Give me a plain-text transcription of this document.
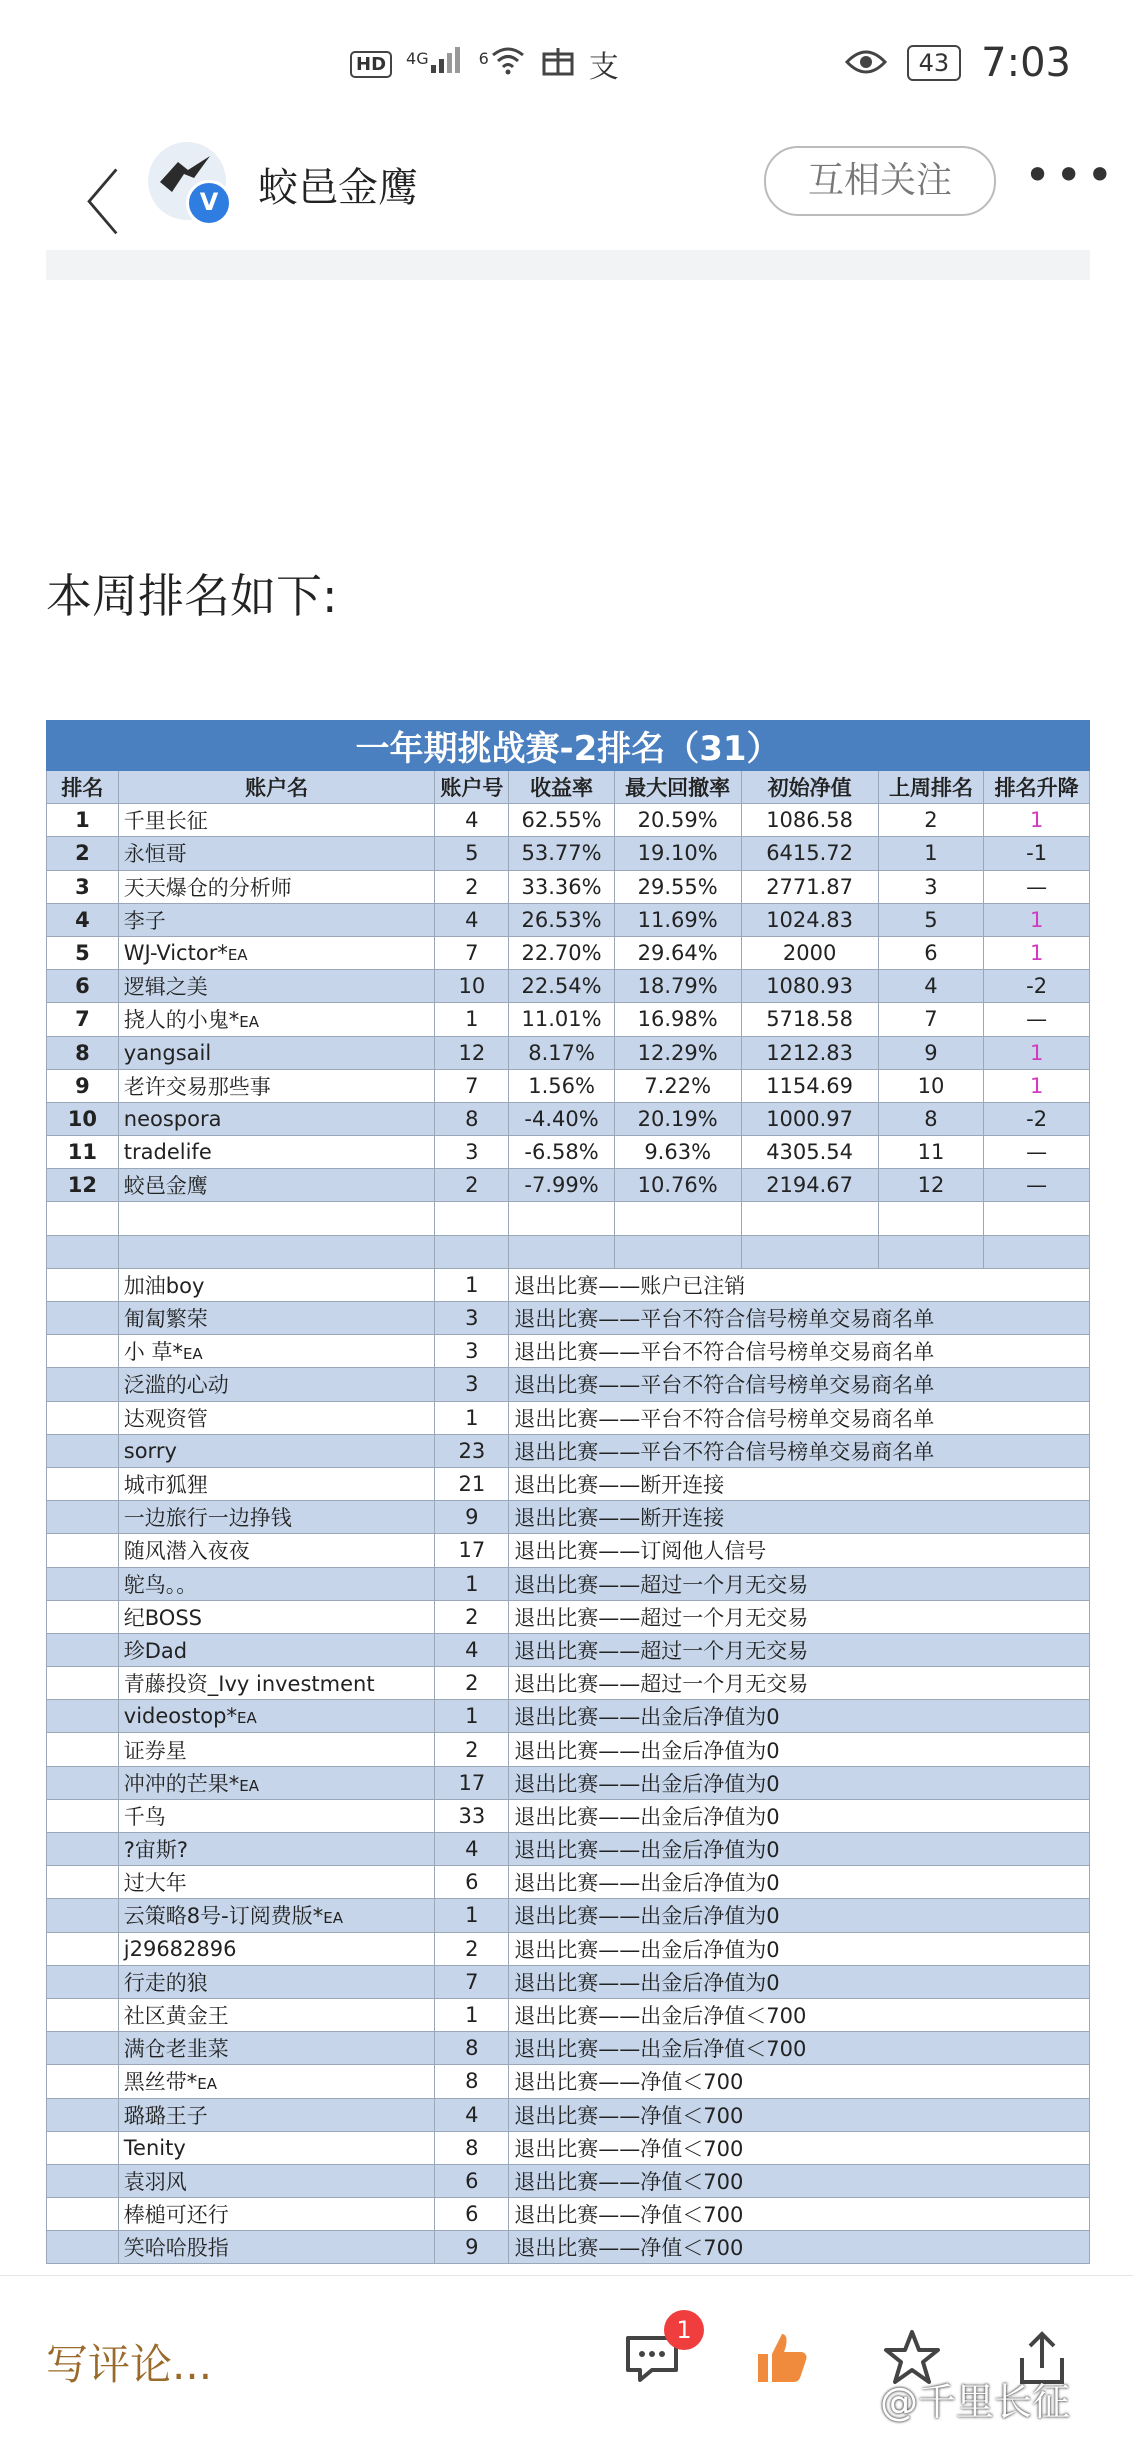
HD	$^{4G}$	$^6$	支	43 7:03
〈	V 蛟邑金鹰	互相关注	•••
本周排名如下:
一年期挑战赛-2排名（31）							
排名	账户名	账户号	收益率	最大回撤率	初始净值	上周排名	排名升降
1	千里长征	4	62.55%	20.59%	1086.58	2	1
2	永恒哥	5	53.77%	19.10%	6415.72	1	-1
3	天天爆仓的分析师	2	33.36%	29.55%	2771.87	3	—
4	李子	4	26.53%	11.69%	1024.83	5	1
5	WJ-Victor*EA	7	22.70%	29.64%	2000	6	1
6	逻辑之美	10	22.54%	18.79%	1080.93	4	-2
7	挠人的小鬼*EA	1	11.01%	16.98%	5718.58	7	—
8	yangsail	12	8.17%	12.29%	1212.83	9	1
9	老许交易那些事	7	1.56%	7.22%	1154.69	10	1
10	neospora	8	-4.40%	20.19%	1000.97	8	-2
11	tradelife	3	-6.58%	9.63%	4305.54	11	—
12	蛟邑金鹰	2	-7.99%	10.76%	2194.67	12	—

	加油boy	1	退出比赛——账户已注销				
	匍匐繁荣	3	退出比赛——平台不符合信号榜单交易商名单				
	小 草*EA	3	退出比赛——平台不符合信号榜单交易商名单				
	泛滥的心动	3	退出比赛——平台不符合信号榜单交易商名单				
	达观资管	1	退出比赛——平台不符合信号榜单交易商名单				
	sorry	23	退出比赛——平台不符合信号榜单交易商名单				
	城市狐狸	21	退出比赛——断开连接				
	一边旅行一边挣钱	9	退出比赛——断开连接				
	随风潜入夜夜	17	退出比赛——订阅他人信号				
	鸵鸟。。	1	退出比赛——超过一个月无交易				
	纪BOSS	2	退出比赛——超过一个月无交易				
	珍Dad	4	退出比赛——超过一个月无交易				
	青藤投资_Ivy investment	2	退出比赛——超过一个月无交易				
	videostop*EA	1	退出比赛——出金后净值为0				
	证券星	2	退出比赛——出金后净值为0				
	冲冲的芒果*EA	17	退出比赛——出金后净值为0				
	千鸟	33	退出比赛——出金后净值为0				
	?宙斯?	4	退出比赛——出金后净值为0				
	过大年	6	退出比赛——出金后净值为0				
	云策略8号-订阅费版*EA	1	退出比赛——出金后净值为0				
	j29682896	2	退出比赛——出金后净值为0				
	行走的狼	7	退出比赛——出金后净值为0				
	社区黄金王	1	退出比赛——出金后净值＜700				
	满仓老韭菜	8	退出比赛——出金后净值＜700				
	黑丝带*EA	8	退出比赛——净值＜700				
	璐璐王子	4	退出比赛——净值＜700				
	Tenity	8	退出比赛——净值＜700				
	袁羽风	6	退出比赛——净值＜700				
	棒槌可还行	6	退出比赛——净值＜700				
	笑哈哈股指	9	退出比赛——净值＜700				
写评论...
1
@千里长征
